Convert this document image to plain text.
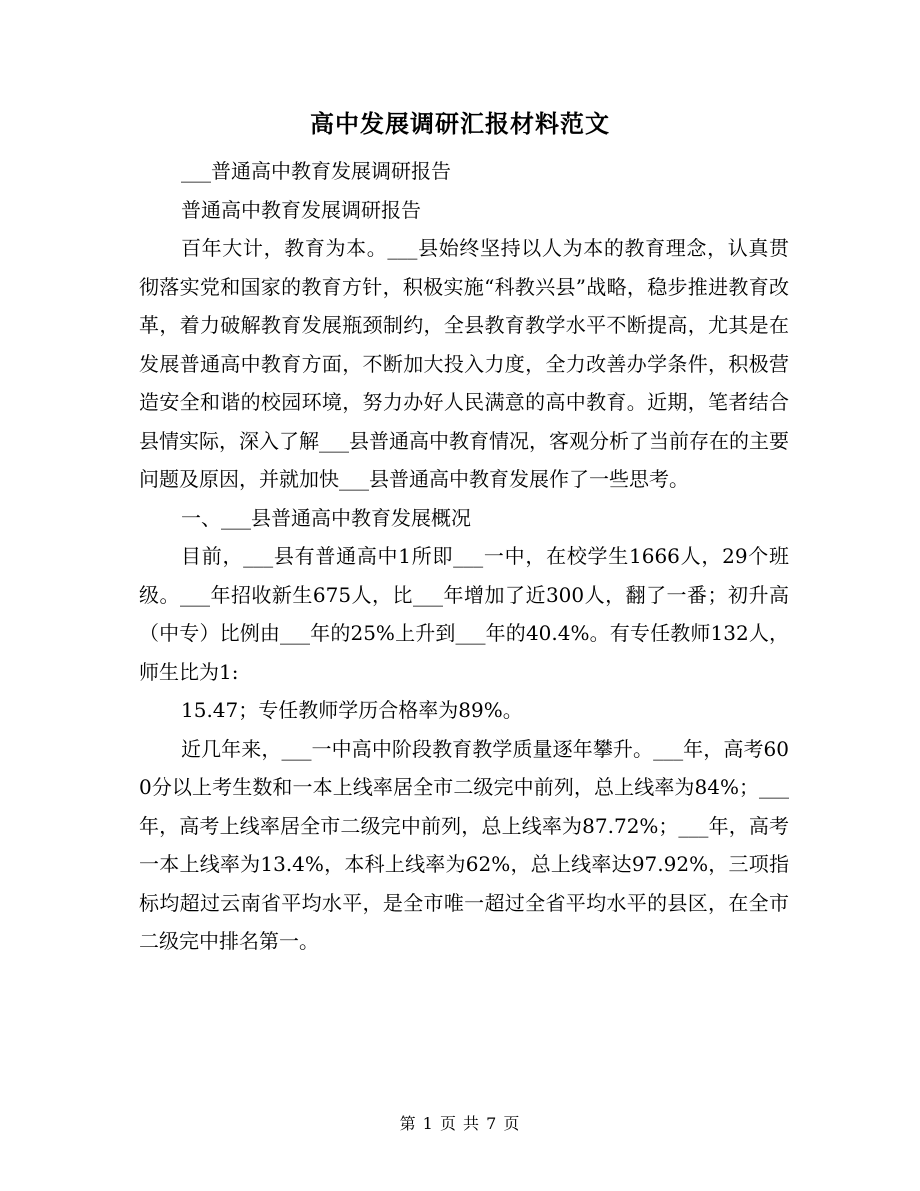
高中发展调研汇报材料范文

___普通高中教育发展调研报告

普通高中教育发展调研报告

百年大计，教育为本。___县始终坚持以人为本的教育理念，认真贯彻落实党和国家的教育方针，积极实施“科教兴县”战略，稳步推进教育改革，着力破解教育发展瓶颈制约，全县教育教学水平不断提高，尤其是在发展普通高中教育方面，不断加大投入力度，全力改善办学条件，积极营造安全和谐的校园环境，努力办好人民满意的高中教育。近期，笔者结合县情实际，深入了解___县普通高中教育情况，客观分析了当前存在的主要问题及原因，并就加快___县普通高中教育发展作了一些思考。

一、___县普通高中教育发展概况

目前，___县有普通高中1所即___一中，在校学生1666人，29个班级。___年招收新生675人，比___年增加了近300人，翻了一番；初升高（中专）比例由___年的25%上升到___年的40.4%。有专任教师132人，师生比为1:

15.47；专任教师学历合格率为89%。

近几年来，___一中高中阶段教育教学质量逐年攀升。___年，高考600分以上考生数和一本上线率居全市二级完中前列，总上线率为84%；___年，高考上线率居全市二级完中前列，总上线率为87.72%；___年，高考一本上线率为13.4%，本科上线率为62%，总上线率达97.92%，三项指标均超过云南省平均水平，是全市唯一超过全省平均水平的县区，在全市二级完中排名第一。

第 1 页 共 7 页
